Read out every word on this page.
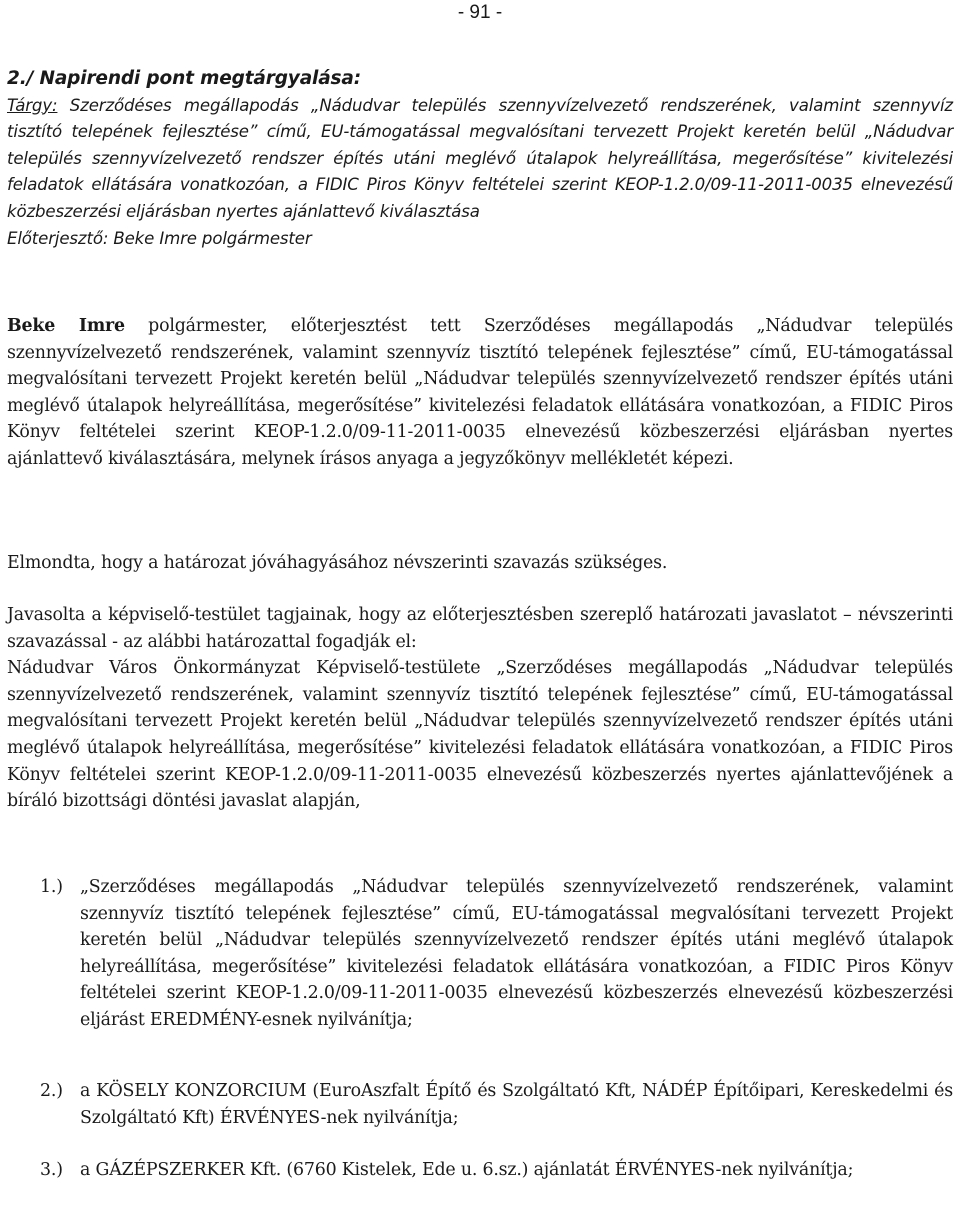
- 91 -

2./ Napirendi pont megtárgyalása:

Tárgy: Szerződéses megállapodás „Nádudvar település szennyvízelvezető rendszerének, valamint szennyvíz tisztító telepének fejlesztése” című, EU-támogatással megvalósítani tervezett Projekt keretén belül „Nádudvar település szennyvízelvezető rendszer építés utáni meglévő útalapok helyreállítása, megerősítése” kivitelezési feladatok ellátására vonatkozóan, a FIDIC Piros Könyv feltételei szerint KEOP-1.2.0/09-11-2011-0035 elnevezésű közbeszerzési eljárásban nyertes ajánlattevő kiválasztása

Előterjesztő: Beke Imre polgármester

Beke Imre polgármester, előterjesztést tett Szerződéses megállapodás „Nádudvar település szennyvízelvezető rendszerének, valamint szennyvíz tisztító telepének fejlesztése” című, EU-támogatással megvalósítani tervezett Projekt keretén belül „Nádudvar település szennyvízelvezető rendszer építés utáni meglévő útalapok helyreállítása, megerősítése” kivitelezési feladatok ellátására vonatkozóan, a FIDIC Piros Könyv feltételei szerint KEOP-1.2.0/09-11-2011-0035 elnevezésű közbeszerzési eljárásban nyertes ajánlattevő kiválasztására, melynek írásos anyaga a jegyzőkönyv mellékletét képezi.

Elmondta, hogy a határozat jóváhagyásához névszerinti szavazás szükséges.

Javasolta a képviselő-testület tagjainak, hogy az előterjesztésben szereplő határozati javaslatot – névszerinti szavazással - az alábbi határozattal fogadják el:

Nádudvar Város Önkormányzat Képviselő-testülete „Szerződéses megállapodás „Nádudvar település szennyvízelvezető rendszerének, valamint szennyvíz tisztító telepének fejlesztése” című, EU-támogatással megvalósítani tervezett Projekt keretén belül „Nádudvar település szennyvízelvezető rendszer építés utáni meglévő útalapok helyreállítása, megerősítése” kivitelezési feladatok ellátására vonatkozóan, a FIDIC Piros Könyv feltételei szerint KEOP-1.2.0/09-11-2011-0035 elnevezésű közbeszerzés nyertes ajánlattevőjének a bíráló bizottsági döntési javaslat alapján,

1.) „Szerződéses megállapodás „Nádudvar település szennyvízelvezető rendszerének, valamint szennyvíz tisztító telepének fejlesztése” című, EU-támogatással megvalósítani tervezett Projekt keretén belül „Nádudvar település szennyvízelvezető rendszer építés utáni meglévő útalapok helyreállítása, megerősítése” kivitelezési feladatok ellátására vonatkozóan, a FIDIC Piros Könyv feltételei szerint KEOP-1.2.0/09-11-2011-0035 elnevezésű közbeszerzés elnevezésű közbeszerzési eljárást EREDMÉNY-esnek nyilvánítja;
2.) a KÖSELY KONZORCIUM (EuroAszfalt Építő és Szolgáltató Kft, NÁDÉP Építőipari, Kereskedelmi és Szolgáltató Kft) ÉRVÉNYES-nek nyilvánítja;
3.) a GÁZÉPSZERKER Kft. (6760 Kistelek, Ede u. 6.sz.) ajánlatát ÉRVÉNYES-nek nyilvánítja;
